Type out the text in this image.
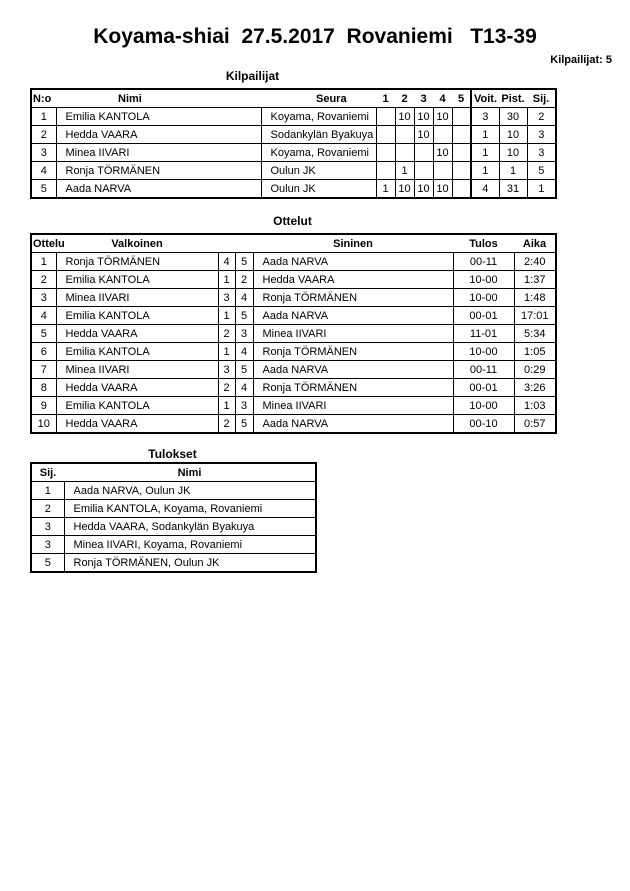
Koyama-shiai  27.5.2017  Rovaniemi   T13-39
Kilpailijat: 5
Kilpailijat
N:o	Nimi	Seura	1	2	3	4	5	Voit.	Pist.	Sij.
1	Emilia KANTOLA	Koyama, Rovaniemi		10	10	10		3	30	2
2	Hedda VAARA	Sodankylän Byakuya			10			1	10	3
3	Minea IIVARI	Koyama, Rovaniemi				10		1	10	3
4	Ronja TÖRMÄNEN	Oulun JK		1				1	1	5
5	Aada NARVA	Oulun JK	1	10	10	10		4	31	1
Ottelut
Ottelu	Valkoinen			Sininen	Tulos	Aika
1	Ronja TÖRMÄNEN	4	5	Aada NARVA	00-11	2:40
2	Emilia KANTOLA	1	2	Hedda VAARA	10-00	1:37
3	Minea IIVARI	3	4	Ronja TÖRMÄNEN	10-00	1:48
4	Emilia KANTOLA	1	5	Aada NARVA	00-01	17:01
5	Hedda VAARA	2	3	Minea IIVARI	11-01	5:34
6	Emilia KANTOLA	1	4	Ronja TÖRMÄNEN	10-00	1:05
7	Minea IIVARI	3	5	Aada NARVA	00-11	0:29
8	Hedda VAARA	2	4	Ronja TÖRMÄNEN	00-01	3:26
9	Emilia KANTOLA	1	3	Minea IIVARI	10-00	1:03
10	Hedda VAARA	2	5	Aada NARVA	00-10	0:57
Tulokset
Sij.	Nimi
1	Aada NARVA, Oulun JK
2	Emilia KANTOLA, Koyama, Rovaniemi
3	Hedda VAARA, Sodankylän Byakuya
3	Minea IIVARI, Koyama, Rovaniemi
5	Ronja TÖRMÄNEN, Oulun JK
